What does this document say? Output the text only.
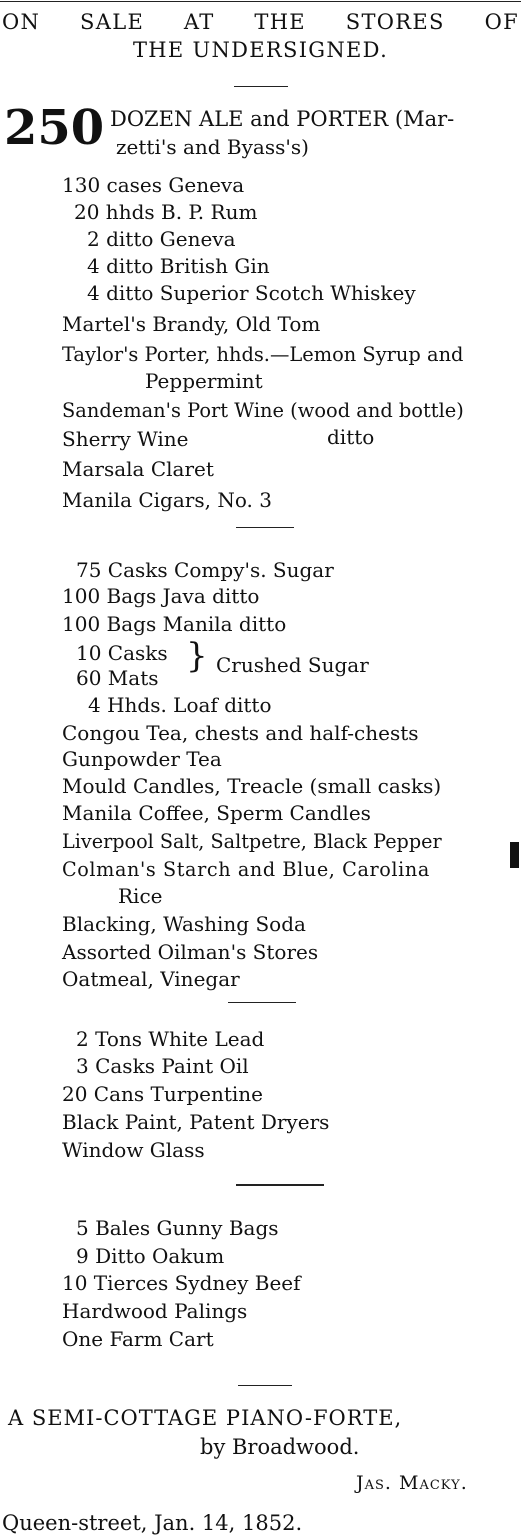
ON SALE AT THE STORES OF
THE UNDERSIGNED.
250 DOZEN ALE and PORTER (Mar-
zetti's and Byass's)
130 cases Geneva
20 hhds B. P. Rum
2 ditto Geneva
4 ditto British Gin
4 ditto Superior Scotch Whiskey
Martel's Brandy, Old Tom
Taylor's Porter, hhds.—Lemon Syrup and
Peppermint
Sandeman's Port Wine (wood and bottle)
Sherry Wine	ditto
Marsala Claret
Manila Cigars, No. 3
75 Casks Compy's. Sugar
100 Bags Java ditto
100 Bags Manila ditto
10 Casks
60 Mats
} Crushed Sugar
4 Hhds. Loaf ditto
Congou Tea, chests and half-chests
Gunpowder Tea
Mould Candles, Treacle (small casks)
Manila Coffee, Sperm Candles
Liverpool Salt, Saltpetre, Black Pepper
Colman's Starch and Blue, Carolina
Rice
Blacking, Washing Soda
Assorted Oilman's Stores
Oatmeal, Vinegar
2 Tons White Lead
3 Casks Paint Oil
20 Cans Turpentine
Black Paint, Patent Dryers
Window Glass
5 Bales Gunny Bags
9 Ditto Oakum
10 Tierces Sydney Beef
Hardwood Palings
One Farm Cart
A SEMI-COTTAGE PIANO-FORTE,
by Broadwood.
Jas. Macky.
Queen-street, Jan. 14, 1852.
